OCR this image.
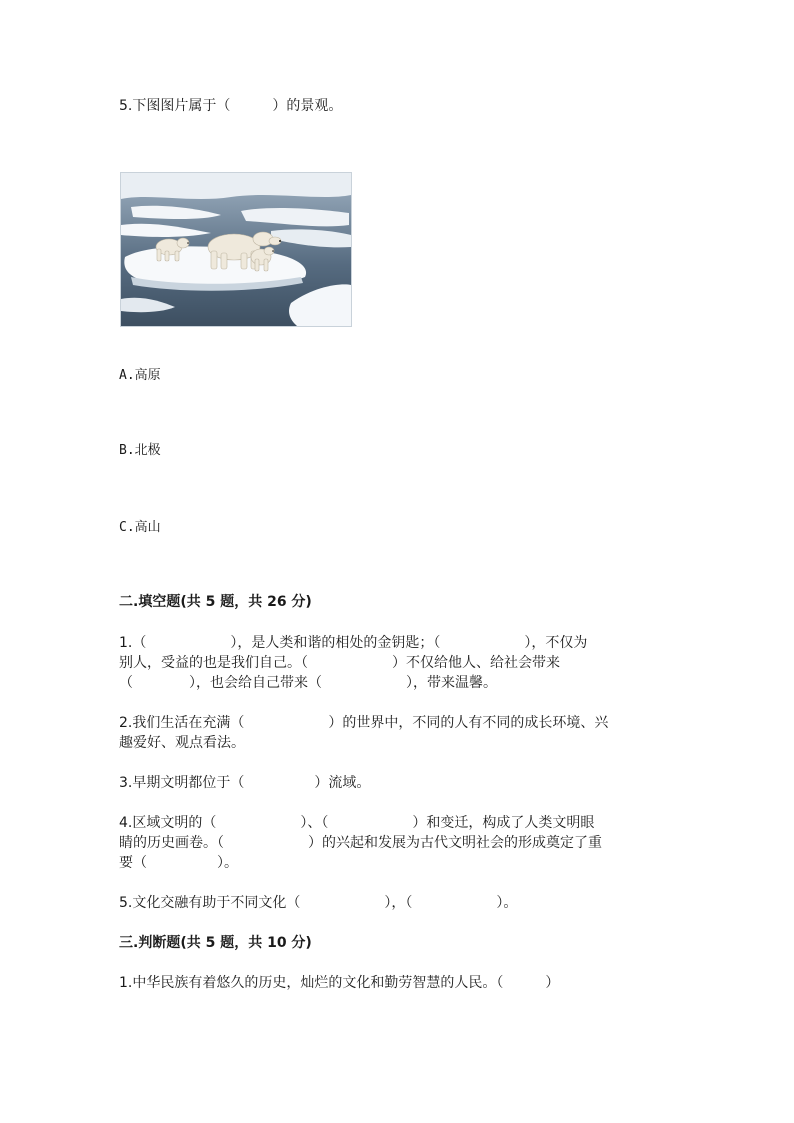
5.下图图片属于（　　　）的景观。
A.高原
B.北极
C.高山
二.填空题(共 5 题，共 26 分)
1.（　　　　　　），是人类和谐的相处的金钥匙；（　　　　　　），不仅为
别人，受益的也是我们自己。（　　　　　　）不仅给他人、给社会带来
（　　　　），也会给自己带来（　　　　　　），带来温馨。
2.我们生活在充满（　　　　　　）的世界中，不同的人有不同的成长环境、兴
趣爱好、观点看法。
3.早期文明都位于（　　　　　）流域。
4.区域文明的（　　　　　　）、（　　　　　　）和变迁，构成了人类文明眼
睛的历史画卷。（　　　　　　）的兴起和发展为古代文明社会的形成奠定了重
要（　　　　　）。
5.文化交融有助于不同文化（　　　　　　），（　　　　　　）。
三.判断题(共 5 题，共 10 分)
1.中华民族有着悠久的历史，灿烂的文化和勤劳智慧的人民。（　　　）
